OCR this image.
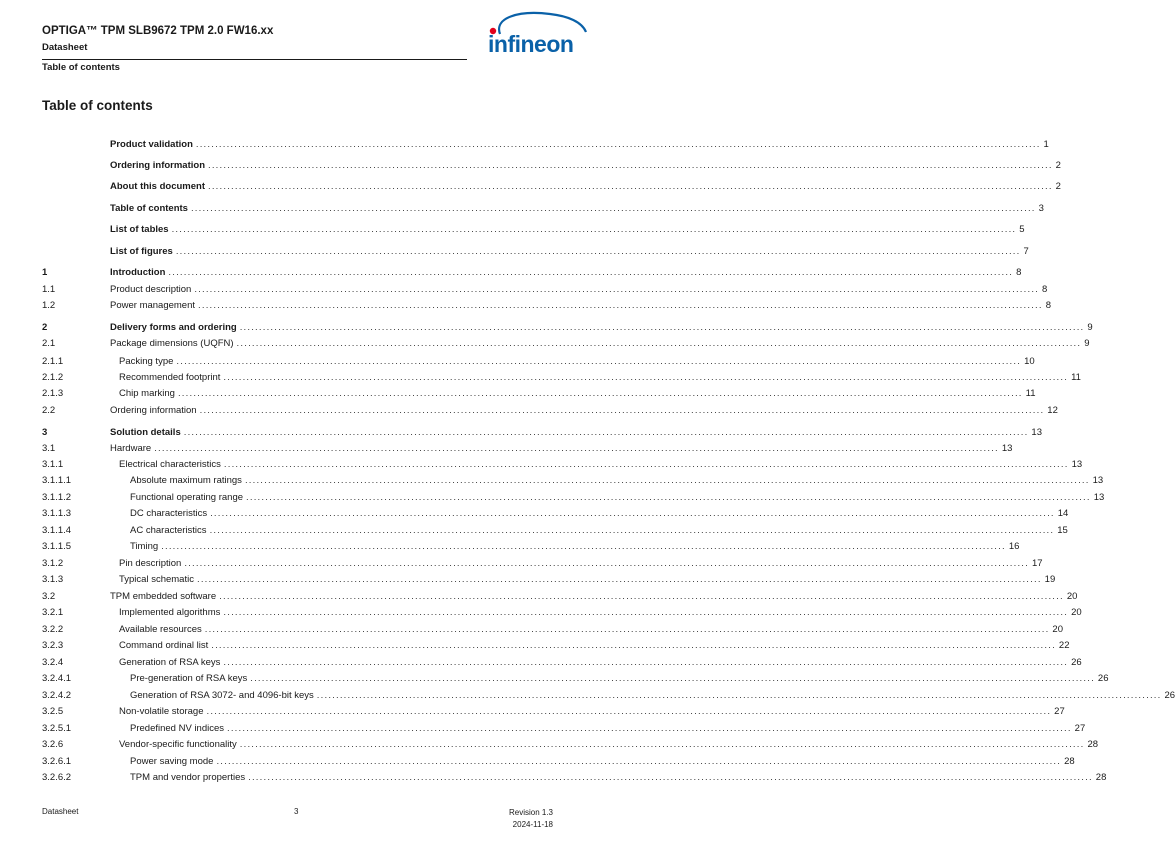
OPTIGA™ TPM SLB9672 TPM 2.0 FW16.xx
Datasheet
Table of contents
infineon
Table of contents
Product validation ............................................................................................................................................................................................................................ 1
Ordering information ............................................................................................................................................................................................................................ 2
About this document ............................................................................................................................................................................................................................ 2
Table of contents ............................................................................................................................................................................................................................ 3
List of tables ............................................................................................................................................................................................................................ 5
List of figures ............................................................................................................................................................................................................................ 7
1	Introduction ............................................................................................................................................................................................................................ 8
1.1	Product description ............................................................................................................................................................................................................................ 8
1.2	Power management ............................................................................................................................................................................................................................ 8
2	Delivery forms and ordering ............................................................................................................................................................................................................................ 9
2.1	Package dimensions (UQFN) ............................................................................................................................................................................................................................ 9
2.1.1	Packing type ............................................................................................................................................................................................................................ 10
2.1.2	Recommended footprint ............................................................................................................................................................................................................................ 11
2.1.3	Chip marking ............................................................................................................................................................................................................................ 11
2.2	Ordering information ............................................................................................................................................................................................................................ 12
3	Solution details ............................................................................................................................................................................................................................ 13
3.1	Hardware ............................................................................................................................................................................................................................ 13
3.1.1	Electrical characteristics ............................................................................................................................................................................................................................ 13
3.1.1.1	Absolute maximum ratings ............................................................................................................................................................................................................................ 13
3.1.1.2	Functional operating range ............................................................................................................................................................................................................................ 13
3.1.1.3	DC characteristics ............................................................................................................................................................................................................................ 14
3.1.1.4	AC characteristics ............................................................................................................................................................................................................................ 15
3.1.1.5	Timing ............................................................................................................................................................................................................................ 16
3.1.2	Pin description ............................................................................................................................................................................................................................ 17
3.1.3	Typical schematic ............................................................................................................................................................................................................................ 19
3.2	TPM embedded software ............................................................................................................................................................................................................................ 20
3.2.1	Implemented algorithms ............................................................................................................................................................................................................................ 20
3.2.2	Available resources ............................................................................................................................................................................................................................ 20
3.2.3	Command ordinal list ............................................................................................................................................................................................................................ 22
3.2.4	Generation of RSA keys ............................................................................................................................................................................................................................ 26
3.2.4.1	Pre-generation of RSA keys ............................................................................................................................................................................................................................ 26
3.2.4.2	Generation of RSA 3072- and 4096-bit keys ............................................................................................................................................................................................................................ 26
3.2.5	Non-volatile storage ............................................................................................................................................................................................................................ 27
3.2.5.1	Predefined NV indices ............................................................................................................................................................................................................................ 27
3.2.6	Vendor-specific functionality ............................................................................................................................................................................................................................ 28
3.2.6.1	Power saving mode ............................................................................................................................................................................................................................ 28
3.2.6.2	TPM and vendor properties ............................................................................................................................................................................................................................ 28
Datasheet	3	Revision 1.3
2024-11-18
